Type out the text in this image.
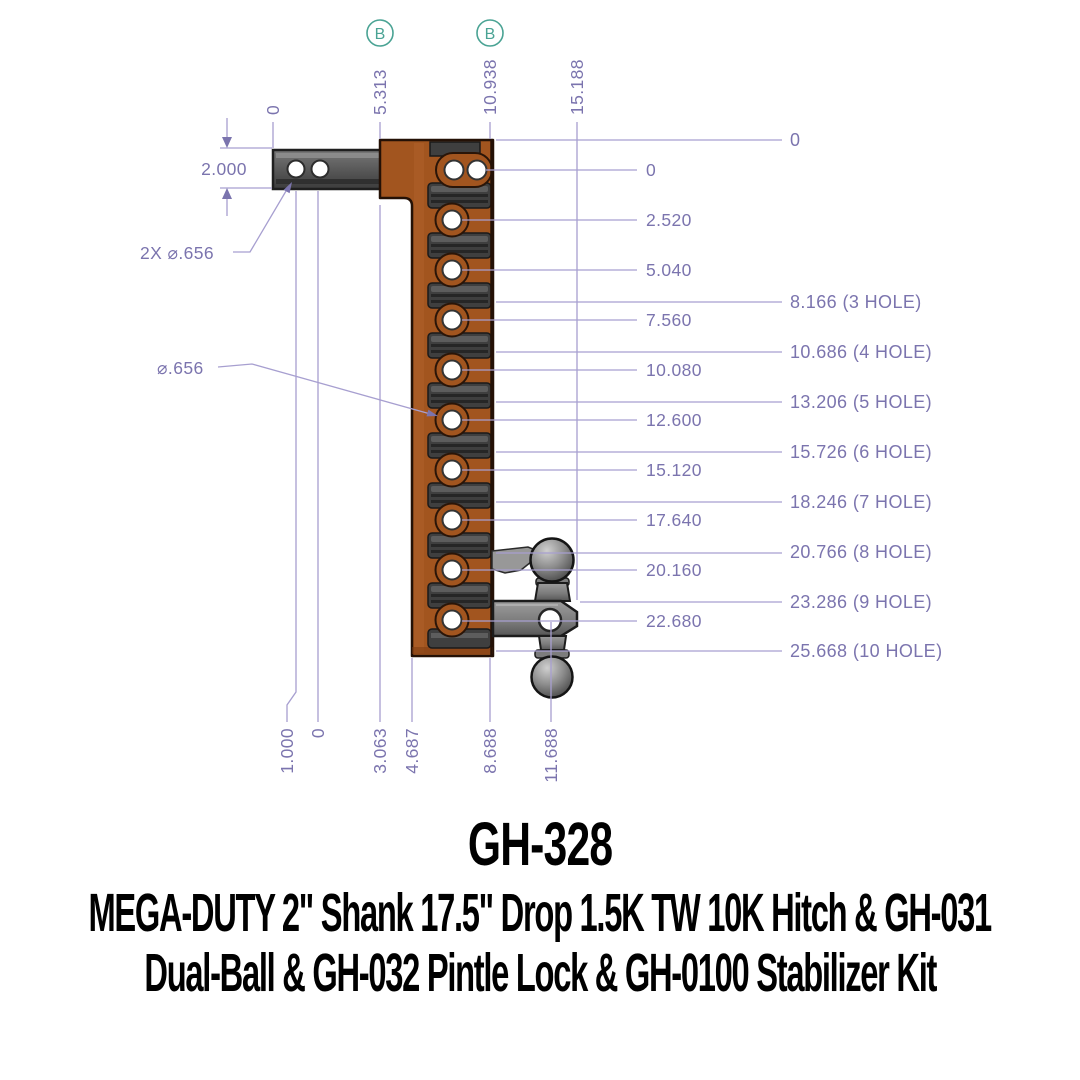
B	B
0	5.313	10.938	15.188
1.000 0 3.063 4.687	8.688 11.688
0
2.520
5.040
7.560
10.080
12.600
15.120
17.640
20.160
22.680
0
8.166 (3 HOLE)
10.686 (4 HOLE)
13.206 (5 HOLE)
15.726 (6 HOLE)
18.246 (7 HOLE)
20.766 (8 HOLE)
23.286 (9 HOLE)
25.668 (10 HOLE)
2.000
2X ⌀.656
⌀.656
GH-328
MEGA-DUTY 2" Shank 17.5" Drop 1.5K TW 10K Hitch & GH-031
Dual-Ball & GH-032 Pintle Lock & GH-0100 Stabilizer Kit
